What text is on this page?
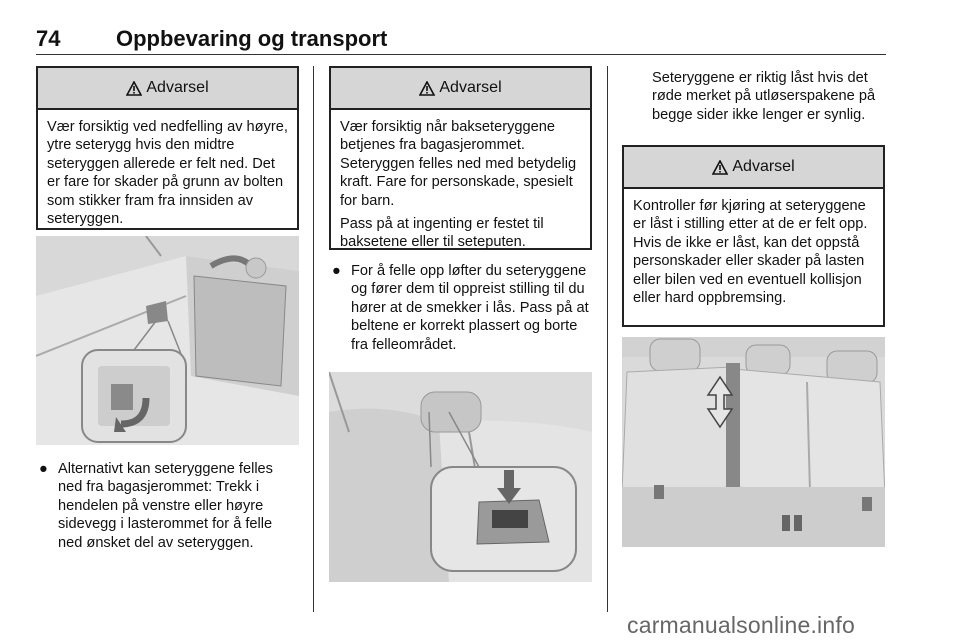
74	Oppbevaring og transport
Advarsel

Vær forsiktig ved nedfelling av høyre, ytre seterygg hvis den midtre seteryggen allerede er felt ned. Det er fare for skader på grunn av bolten som stikker fram fra innsiden av seteryggen.

● Alternativt kan seteryggene felles ned fra bagasjerommet: Trekk i hendelen på venstre eller høyre sidevegg i lasterommet for å felle ned ønsket del av seteryggen.
Advarsel

Vær forsiktig når bakseteryggene betjenes fra bagasjerommet. Seteryggen felles ned med betydelig kraft. Fare for personskade, spesielt for barn.

Pass på at ingenting er festet til baksetene eller til seteputen.

● For å felle opp løfter du seteryggene og fører dem til oppreist stilling til du hører at de smekker i lås. Pass på at beltene er korrekt plassert og borte fra felleområdet.
Seteryggene er riktig låst hvis det røde merket på utløserspakene på begge sider ikke lenger er synlig.
Advarsel

Kontroller før kjøring at seteryggene er låst i stilling etter at de er felt opp. Hvis de ikke er låst, kan det oppstå personskader eller skader på lasten eller bilen ved en eventuell kollisjon eller hard oppbremsing.

carmanualsonline.info
